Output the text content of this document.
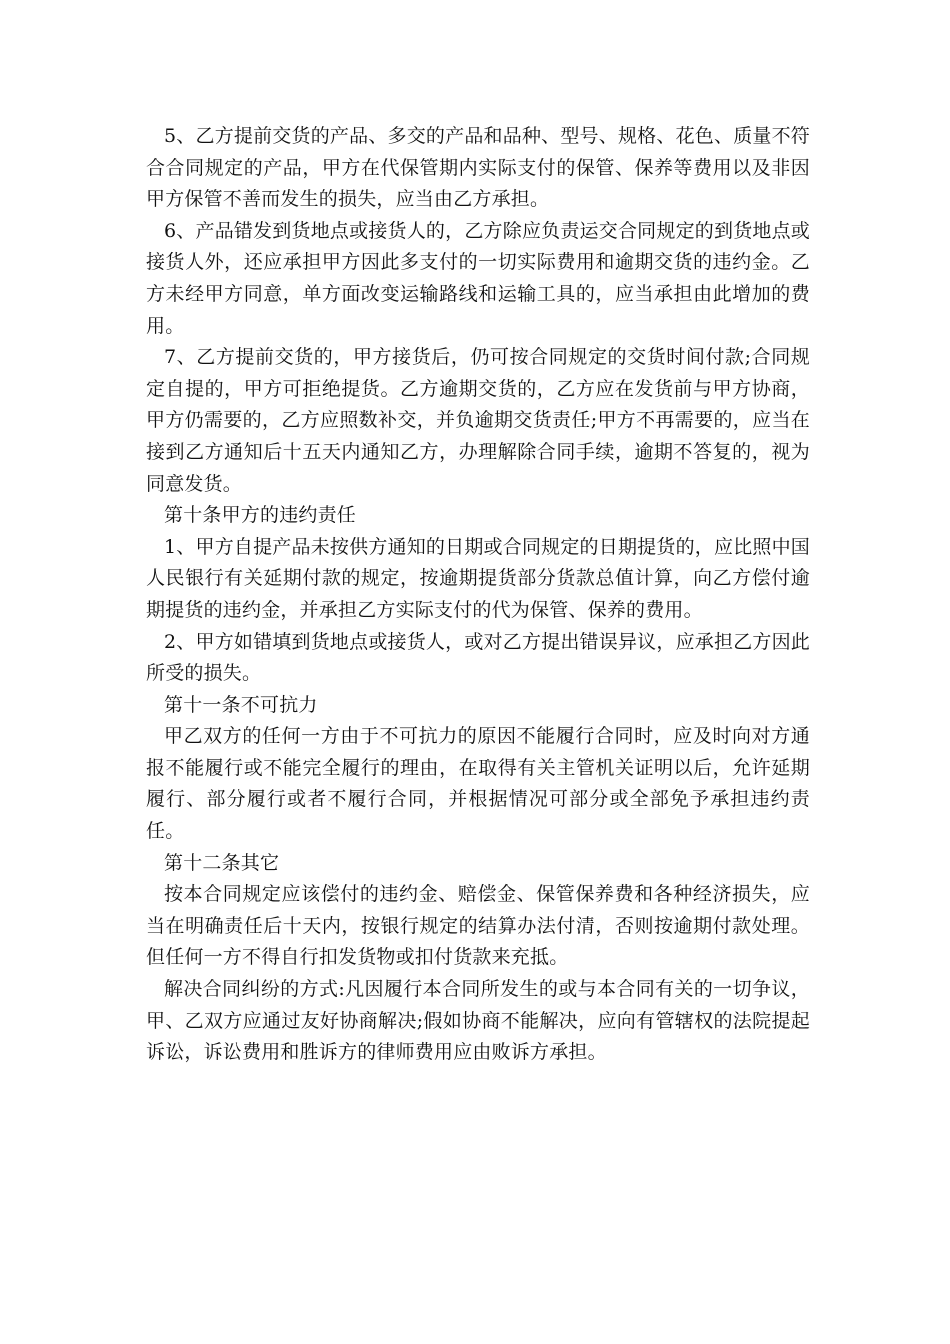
5、乙方提前交货的产品、多交的产品和品种、型号、规格、花色、质量不符合合同规定的产品，甲方在代保管期内实际支付的保管、保养等费用以及非因甲方保管不善而发生的损失，应当由乙方承担。

6、产品错发到货地点或接货人的，乙方除应负责运交合同规定的到货地点或接货人外，还应承担甲方因此多支付的一切实际费用和逾期交货的违约金。乙方未经甲方同意，单方面改变运输路线和运输工具的，应当承担由此增加的费用。

7、乙方提前交货的，甲方接货后，仍可按合同规定的交货时间付款;合同规定自提的，甲方可拒绝提货。乙方逾期交货的，乙方应在发货前与甲方协商，甲方仍需要的，乙方应照数补交，并负逾期交货责任;甲方不再需要的，应当在接到乙方通知后十五天内通知乙方，办理解除合同手续，逾期不答复的，视为同意发货。

第十条甲方的违约责任

1、甲方自提产品未按供方通知的日期或合同规定的日期提货的，应比照中国人民银行有关延期付款的规定，按逾期提货部分货款总值计算，向乙方偿付逾期提货的违约金，并承担乙方实际支付的代为保管、保养的费用。

2、甲方如错填到货地点或接货人，或对乙方提出错误异议，应承担乙方因此所受的损失。

第十一条不可抗力

甲乙双方的任何一方由于不可抗力的原因不能履行合同时，应及时向对方通报不能履行或不能完全履行的理由，在取得有关主管机关证明以后，允许延期履行、部分履行或者不履行合同，并根据情况可部分或全部免予承担违约责任。

第十二条其它

按本合同规定应该偿付的违约金、赔偿金、保管保养费和各种经济损失，应当在明确责任后十天内，按银行规定的结算办法付清，否则按逾期付款处理。但任何一方不得自行扣发货物或扣付货款来充抵。

解决合同纠纷的方式:凡因履行本合同所发生的或与本合同有关的一切争议，甲、乙双方应通过友好协商解决;假如协商不能解决，应向有管辖权的法院提起诉讼，诉讼费用和胜诉方的律师费用应由败诉方承担。
